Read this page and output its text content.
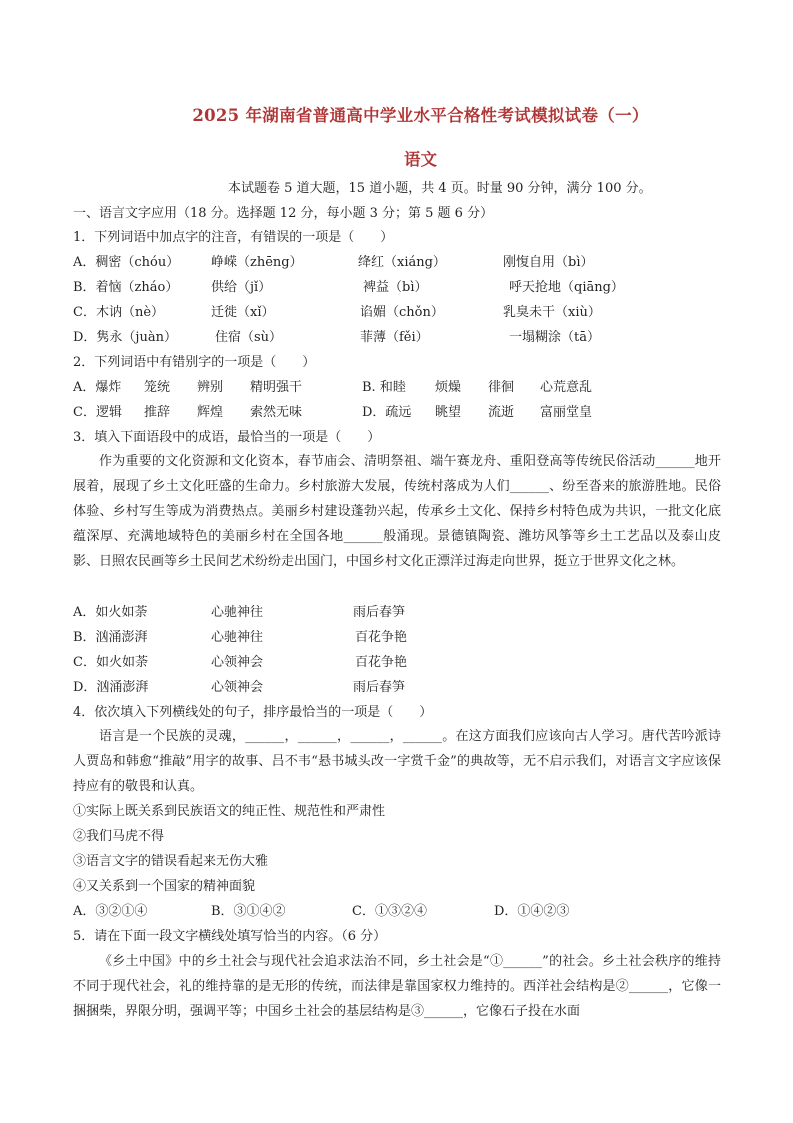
2025 年湖南省普通高中学业水平合格性考试模拟试卷（一）
语文
本试题卷 5 道大题，15 道小题，共 4 页。时量 90 分钟，满分 100 分。
一、语言文字应用（18 分。选择题 12 分，每小题 3 分；第 5 题 6 分）
1．下列词语中加点字的注音，有错误的一项是（　　）
A．稠密（chóu） 峥嵘（zhēng）	绛红（xiáng）	刚愎自用（bì）
B．着恼（zháo）	供给（jǐ）	裨益（bì）	呼天抢地（qiāng）
C．木讷（nè）	迁徙（xǐ）	谄媚（chǒn）	乳臭未干（xiù）
D．隽永（juàn）	住宿（sù）	菲薄（fěi）	一塌糊涂（tā）
2．下列词语中有错别字的一项是（　　）
A．爆炸 笼统 辨别 精明强干	B. 和睦 烦燥 徘徊 心荒意乱
C．逻辑 推辞 辉煌 索然无味	D．疏远 眺望 流逝 富丽堂皇
3．填入下面语段中的成语，最恰当的一项是（　　）
作为重要的文化资源和文化资本，春节庙会、清明祭祖、端午赛龙舟、重阳登高等传统民俗活动______地开展着，展现了乡土文化旺盛的生命力。乡村旅游大发展，传统村落成为人们______、纷至沓来的旅游胜地。民俗体验、乡村写生等成为消费热点。美丽乡村建设蓬勃兴起，传承乡土文化、保持乡村特色成为共识，一批文化底蕴深厚、充满地域特色的美丽乡村在全国各地______般涌现。景德镇陶瓷、潍坊风筝等乡土工艺品以及泰山皮影、日照农民画等乡土民间艺术纷纷走出国门，中国乡村文化正漂洋过海走向世界，挺立于世界文化之林。
A．如火如荼	心驰神往	雨后春笋
B．汹涌澎湃	心驰神往	百花争艳
C．如火如荼	心领神会	百花争艳
D．汹涌澎湃	心领神会	雨后春笋
4．依次填入下列横线处的句子，排序最恰当的一项是（　　）
语言是一个民族的灵魂，______，______，______，______。在这方面我们应该向古人学习。唐代苦吟派诗人贾岛和韩愈“推敲”用字的故事、吕不韦“悬书城头改一字赏千金”的典故等，无不启示我们，对语言文字应该保持应有的敬畏和认真。
①实际上既关系到民族语文的纯正性、规范性和严肃性
②我们马虎不得
③语言文字的错误看起来无伤大雅
④又关系到一个国家的精神面貌
A．③②①④	B．③①④②	C．①③②④	D．①④②③
5．请在下面一段文字横线处填写恰当的内容。（6 分）
《乡土中国》中的乡土社会与现代社会追求法治不同，乡土社会是“①______”的社会。乡土社会秩序的维持不同于现代社会，礼的维持靠的是无形的传统，而法律是靠国家权力维持的。西洋社会结构是②______，它像一捆捆柴，界限分明，强调平等；中国乡土社会的基层结构是③______，它像石子投在水面
